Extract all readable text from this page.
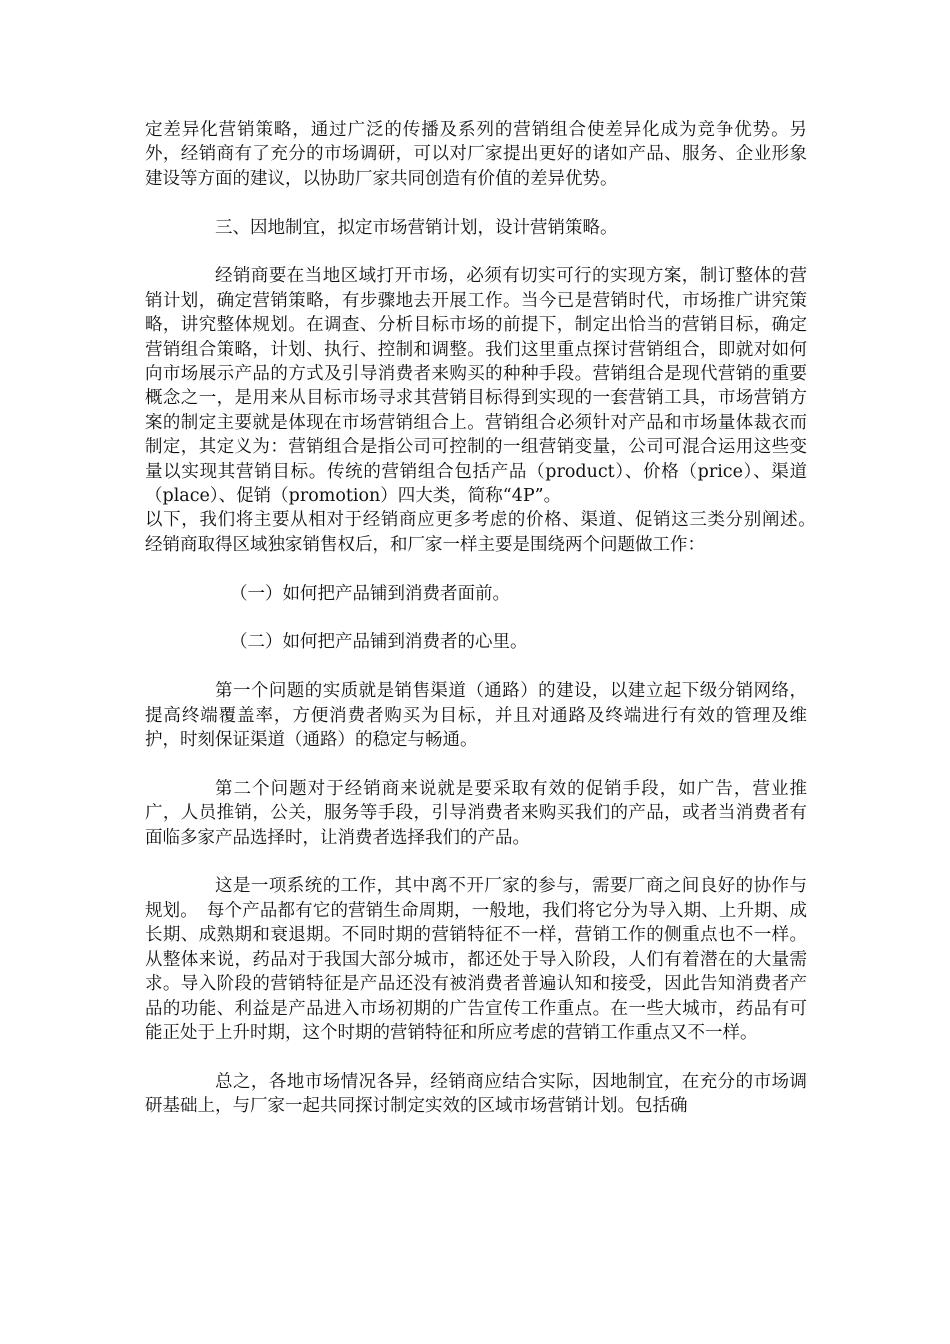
定差异化营销策略，通过广泛的传播及系列的营销组合使差异化成为竞争优势。另外，经销商有了充分的市场调研，可以对厂家提出更好的诸如产品、服务、企业形象建设等方面的建议，以协助厂家共同创造有价值的差异优势。

三、因地制宜，拟定市场营销计划，设计营销策略。

经销商要在当地区域打开市场，必须有切实可行的实现方案，制订整体的营销计划，确定营销策略，有步骤地去开展工作。当今已是营销时代，市场推广讲究策略，讲究整体规划。在调查、分析目标市场的前提下，制定出恰当的营销目标，确定营销组合策略，计划、执行、控制和调整。我们这里重点探讨营销组合，即就对如何向市场展示产品的方式及引导消费者来购买的种种手段。营销组合是现代营销的重要概念之一，是用来从目标市场寻求其营销目标得到实现的一套营销工具，市场营销方案的制定主要就是体现在市场营销组合上。营销组合必须针对产品和市场量体裁衣而制定，其定义为：营销组合是指公司可控制的一组营销变量，公司可混合运用这些变量以实现其营销目标。传统的营销组合包括产品（product）、价格（price）、渠道（place）、促销（promotion）四大类，简称“4P”。

以下，我们将主要从相对于经销商应更多考虑的价格、渠道、促销这三类分别阐述。　经销商取得区域独家销售权后，和厂家一样主要是围绕两个问题做工作：

（一）如何把产品铺到消费者面前。

（二）如何把产品铺到消费者的心里。

第一个问题的实质就是销售渠道（通路）的建设，以建立起下级分销网络，提高终端覆盖率，方便消费者购买为目标，并且对通路及终端进行有效的管理及维护，时刻保证渠道（通路）的稳定与畅通。

第二个问题对于经销商来说就是要采取有效的促销手段，如广告，营业推广，人员推销，公关，服务等手段，引导消费者来购买我们的产品，或者当消费者有面临多家产品选择时，让消费者选择我们的产品。

这是一项系统的工作，其中离不开厂家的参与，需要厂商之间良好的协作与规划。　每个产品都有它的营销生命周期，一般地，我们将它分为导入期、上升期、成长期、成熟期和衰退期。不同时期的营销特征不一样，营销工作的侧重点也不一样。从整体来说，药品对于我国大部分城市，都还处于导入阶段，人们有着潜在的大量需求。导入阶段的营销特征是产品还没有被消费者普遍认知和接受，因此告知消费者产品的功能、利益是产品进入市场初期的广告宣传工作重点。在一些大城市，药品有可能正处于上升时期，这个时期的营销特征和所应考虑的营销工作重点又不一样。

总之，各地市场情况各异，经销商应结合实际，因地制宜，在充分的市场调研基础上，与厂家一起共同探讨制定实效的区域市场营销计划。包括确
